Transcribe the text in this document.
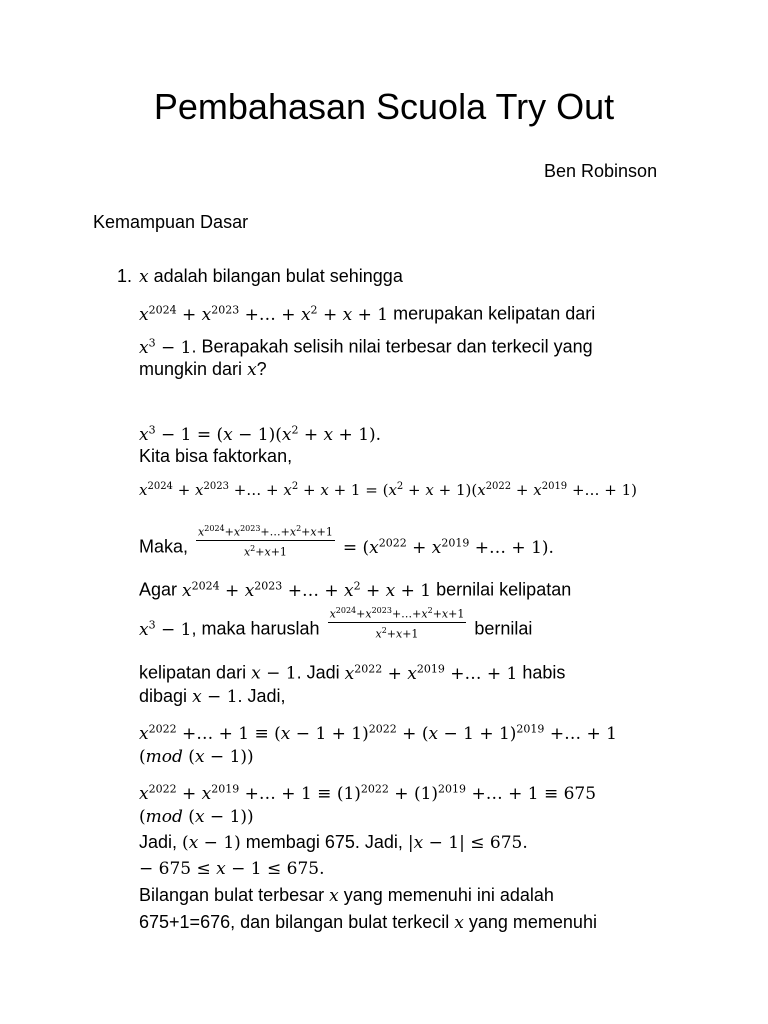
Pembahasan Scuola Try Out
Ben Robinson
Kemampuan Dasar
1. x adalah bilangan bulat sehingga
$x^{2024} + x^{2023}$ +… + $x^2 + x + 1$ merupakan kelipatan dari
$x^3 - 1$. Berapakah selisih nilai terbesar dan terkecil yang
mungkin dari x?
$x^3 - 1 = (x - 1)(x^2 + x + 1)$.
Kita bisa faktorkan,
$x^{2024} + x^{2023}$ +… + $x^2 + x + 1 = (x^2 + x + 1)(x^{2022} + x^{2019}$ +… + 1)
Maka, $\frac{x^{2024}+x^{2023}+\dots+x^2+x+1}{x^2+x+1} = (x^{2022} + x^{2019}$ +… + 1).
Agar $x^{2024} + x^{2023}$ +… + $x^2 + x + 1$ bernilai kelipatan
$x^3 - 1$, maka haruslah $\frac{x^{2024}+x^{2023}+\dots+x^2+x+1}{x^2+x+1}$ bernilai
kelipatan dari x − 1. Jadi $x^{2022} + x^{2019}$ +… + 1 habis
dibagi x − 1. Jadi,
$x^{2022}$ +… + $1 \equiv (x - 1 + 1)^{2022} + (x - 1 + 1)^{2019}$ +… + 1
(mod (x − 1))
$x^{2022} + x^{2019}$ +… + $1 \equiv (1)^{2022} + (1)^{2019}$ +… + 1 ≡ 675
(mod (x − 1))
Jadi, (x − 1) membagi 675. Jadi, |x − 1| ≤ 675.
− 675 ≤ x − 1 ≤ 675.
Bilangan bulat terbesar x yang memenuhi ini adalah
675+1=676, dan bilangan bulat terkecil x yang memenuhi
